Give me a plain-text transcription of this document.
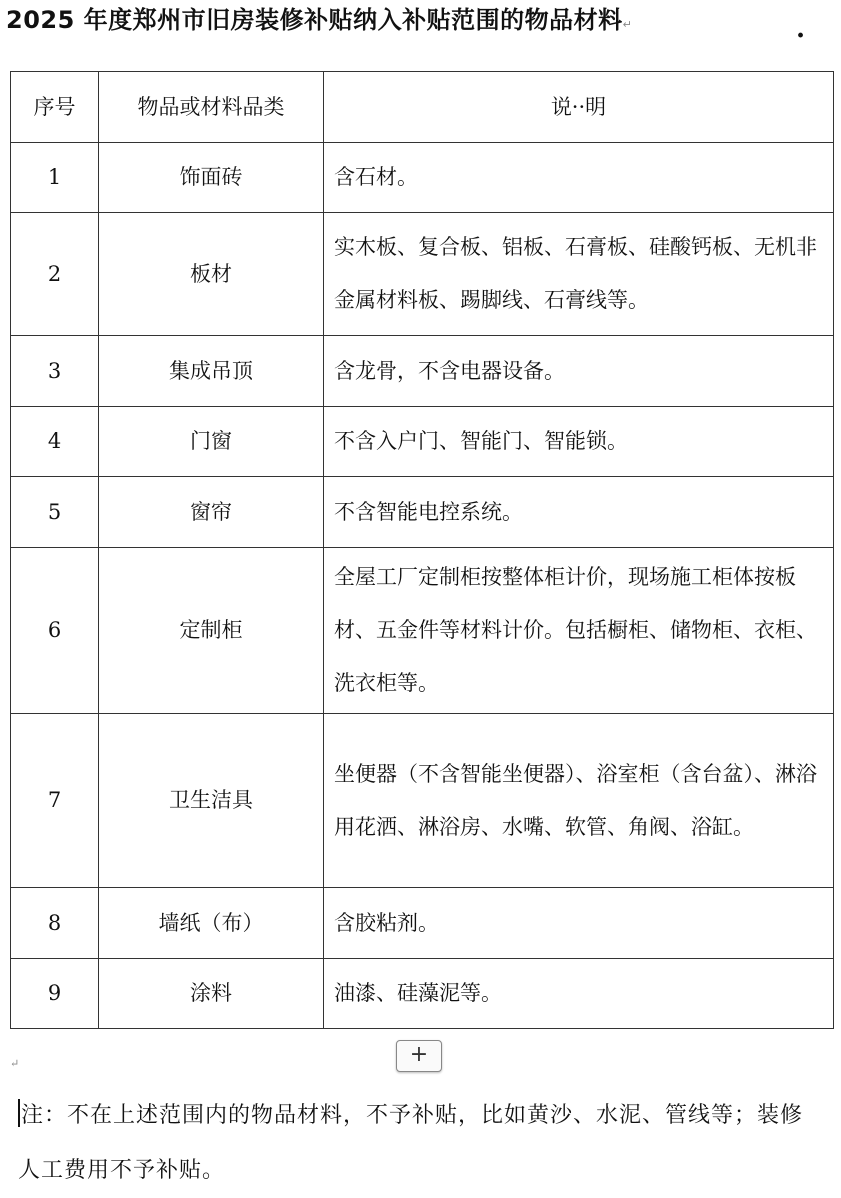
2025 年度郑州市旧房装修补贴纳入补贴范围的物品材料↵	.
序号	物品或材料品类	说··明
1	饰面砖	含石材。
2	板材	实木板、复合板、铝板、石膏板、硅酸钙板、无机非金属材料板、踢脚线、石膏线等。
3	集成吊顶	含龙骨，不含电器设备。
4	门窗	不含入户门、智能门、智能锁。
5	窗帘	不含智能电控系统。
6	定制柜	全屋工厂定制柜按整体柜计价，现场施工柜体按板材、五金件等材料计价。包括橱柜、储物柜、衣柜、洗衣柜等。
7	卫生洁具	坐便器（不含智能坐便器）、浴室柜（含台盆）、淋浴用花洒、淋浴房、水嘴、软管、角阀、浴缸。
8	墙纸（布）	含胶粘剂。
9	涂料	油漆、硅藻泥等。
+
↵
注：不在上述范围内的物品材料，不予补贴，比如黄沙、水泥、管线等；装修人工费用不予补贴。
